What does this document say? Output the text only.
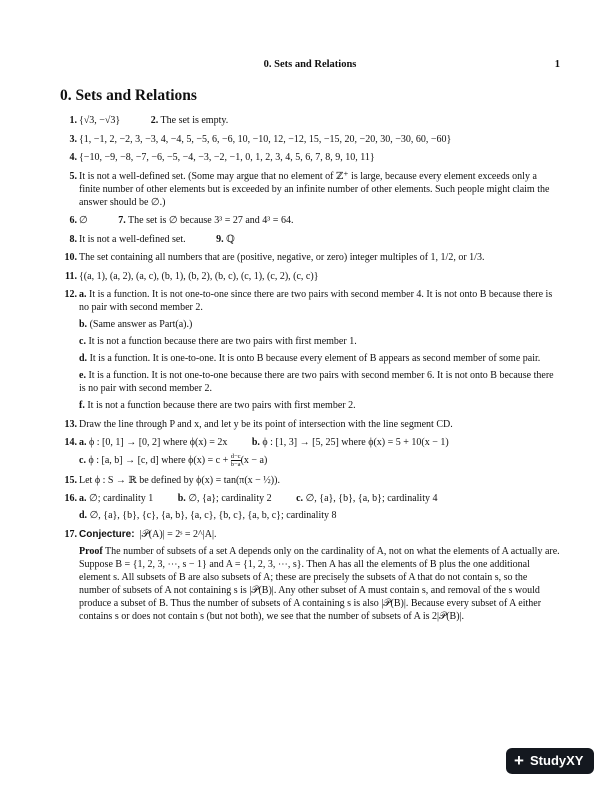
0. Sets and Relations	1
0. Sets and Relations
1. {√3, −√3}	2. The set is empty.
3. {1, −1, 2, −2, 3, −3, 4, −4, 5, −5, 6, −6, 10, −10, 12, −12, 15, −15, 20, −20, 30, −30, 60, −60}
4. {−10, −9, −8, −7, −6, −5, −4, −3, −2, −1, 0, 1, 2, 3, 4, 5, 6, 7, 8, 9, 10, 11}
5. It is not a well-defined set. (Some may argue that no element of ℤ⁺ is large, because every element exceeds only a finite number of other elements but is exceeded by an infinite number of other elements. Such people might claim the answer should be ∅.)
6. ∅	7. The set is ∅ because 3³ = 27 and 4³ = 64.
8. It is not a well-defined set.	9. ℚ
10. The set containing all numbers that are (positive, negative, or zero) integer multiples of 1, 1/2, or 1/3.
11. {(a, 1), (a, 2), (a, c), (b, 1), (b, 2), (b, c), (c, 1), (c, 2), (c, c)}
12. a. It is a function. It is not one-to-one since there are two pairs with second member 4. It is not onto B because there is no pair with second member 2.
b. (Same answer as Part(a).)
c. It is not a function because there are two pairs with first member 1.
d. It is a function. It is one-to-one. It is onto B because every element of B appears as second member of some pair.
e. It is a function. It is not one-to-one because there are two pairs with second member 6. It is not onto B because there is no pair with second member 2.
f. It is not a function because there are two pairs with first member 2.
13. Draw the line through P and x, and let y be its point of intersection with the line segment CD.
14. a. ϕ : [0, 1] → [0, 2] where ϕ(x) = 2x b. ϕ : [1, 3] → [5, 25] where ϕ(x) = 5 + 10(x − 1)
c. ϕ : [a, b] → [c, d] where $\phi(x) = c + \frac{d-c}{b-a} (x - a)$
15. Let ϕ : S → ℝ be defined by ϕ(x) = tan(π(x − ½)).
16. a. ∅; cardinality 1 b. ∅, {a}; cardinality 2 c. ∅, {a}, {b}, {a, b}; cardinality 4
d. ∅, {a}, {b}, {c}, {a, b}, {a, c}, {b, c}, {a, b, c}; cardinality 8
17. Conjecture: |𝒫(A)| = 2ˢ = 2^|A|.
Proof The number of subsets of a set A depends only on the cardinality of A, not on what the elements of A actually are. Suppose B = {1, 2, 3, ⋯, s − 1} and A = {1, 2, 3, ⋯, s}. Then A has all the elements of B plus the one additional element s. All subsets of B are also subsets of A; these are precisely the subsets of A that do not contain s, so the number of subsets of A not containing s is |𝒫(B)|. Any other subset of A must contain s, and removal of the s would produce a subset of B. Thus the number of subsets of A containing s is also |𝒫(B)|. Because every subset of A either contains s or does not contain s (but not both), we see that the number of subsets of A is 2|𝒫(B)|.
+ StudyXY
